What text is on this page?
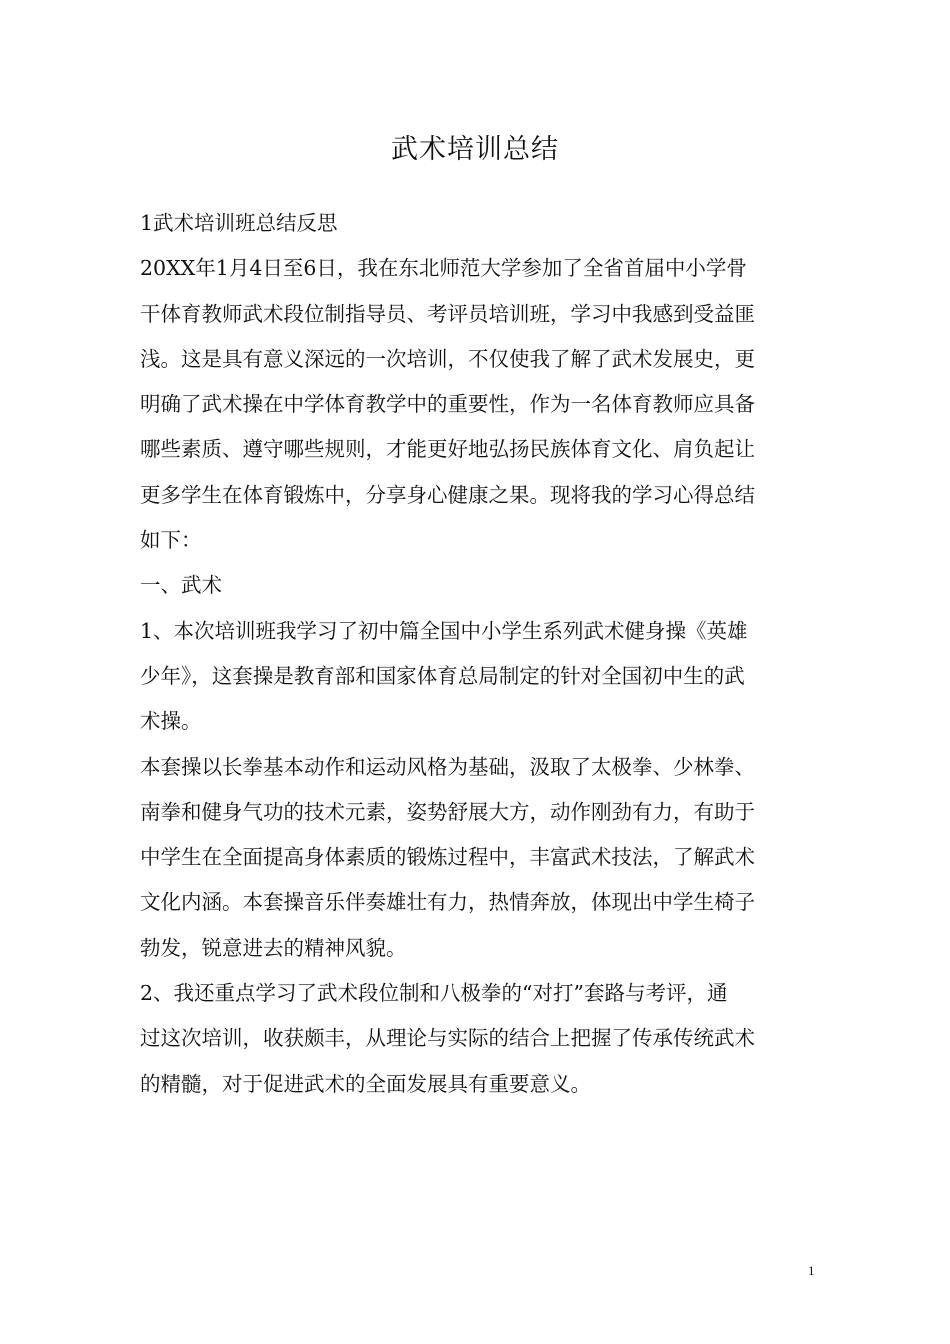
武术培训总结
1武术培训班总结反思
20XX年1月4日至6日，我在东北师范大学参加了全省首届中小学骨
干体育教师武术段位制指导员、考评员培训班，学习中我感到受益匪
浅。这是具有意义深远的一次培训，不仅使我了解了武术发展史，更
明确了武术操在中学体育教学中的重要性，作为一名体育教师应具备
哪些素质、遵守哪些规则，才能更好地弘扬民族体育文化、肩负起让
更多学生在体育锻炼中，分享身心健康之果。现将我的学习心得总结
如下：
一、武术
1、本次培训班我学习了初中篇全国中小学生系列武术健身操《英雄
少年》，这套操是教育部和国家体育总局制定的针对全国初中生的武
术操。
本套操以长拳基本动作和运动风格为基础，汲取了太极拳、少林拳、
南拳和健身气功的技术元素，姿势舒展大方，动作刚劲有力，有助于
中学生在全面提高身体素质的锻炼过程中，丰富武术技法，了解武术
文化内涵。本套操音乐伴奏雄壮有力，热情奔放，体现出中学生椅子
勃发，锐意进去的精神风貌。
2、我还重点学习了武术段位制和八极拳的“对打”套路与考评，通
过这次培训，收获颇丰，从理论与实际的结合上把握了传承传统武术
的精髓，对于促进武术的全面发展具有重要意义。
1
